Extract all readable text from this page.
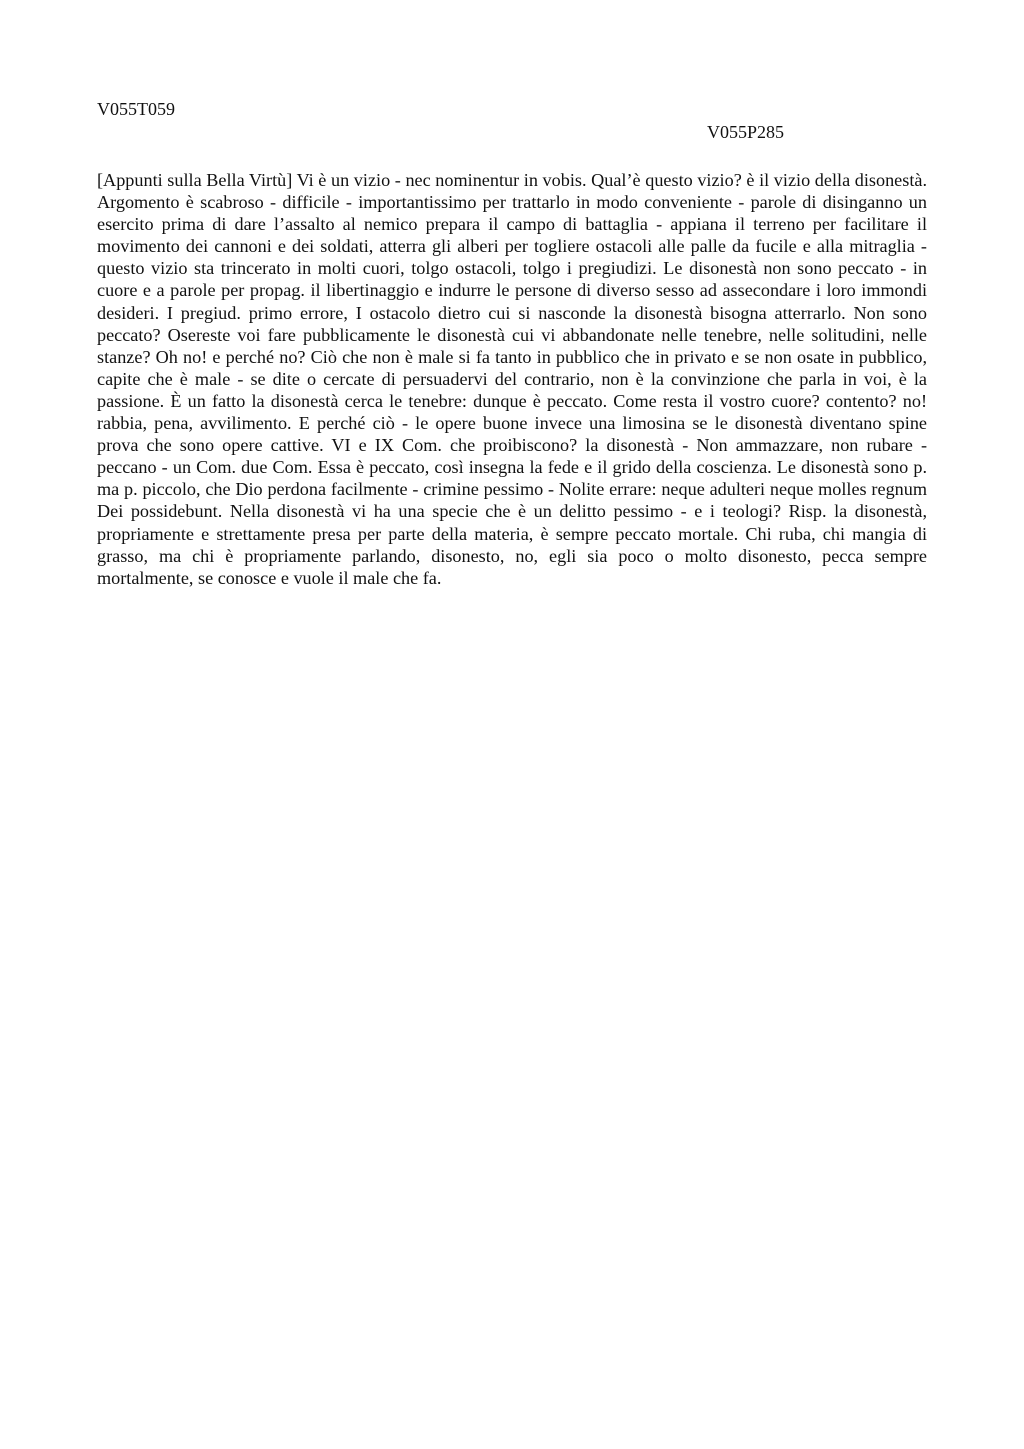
V055T059

V055P285

[Appunti sulla Bella Virtù] Vi è un vizio - nec nominentur in vobis. Qual’è questo vizio? è il vizio della disonestà. Argomento è scabroso - difficile - importantissimo per trattarlo in modo conveniente - parole di disinganno un esercito prima di dare l’assalto al nemico prepara il campo di battaglia - appiana il terreno per facilitare il movimento dei cannoni e dei soldati, atterra gli alberi per togliere ostacoli alle palle da fucile e alla mitraglia - questo vizio sta trincerato in molti cuori, tolgo ostacoli, tolgo i pregiudizi. Le disonestà non sono peccato - in cuore e a parole per propag. il libertinaggio e indurre le persone di diverso sesso ad assecondare i loro immondi desideri. I pregiud. primo errore, I ostacolo dietro cui si nasconde la disonestà bisogna atterrarlo. Non sono peccato? Osereste voi fare pubblicamente le disonestà cui vi abbandonate nelle tenebre, nelle solitudini, nelle stanze? Oh no! e perché no? Ciò che non è male si fa tanto in pubblico che in privato e se non osate in pubblico, capite che è male - se dite o cercate di persuadervi del contrario, non è la convinzione che parla in voi, è la passione. È un fatto la disonestà cerca le tenebre: dunque è peccato. Come resta il vostro cuore? contento? no! rabbia, pena, avvilimento. E perché ciò - le opere buone invece una limosina se le disonestà diventano spine prova che sono opere cattive. VI e IX Com. che proibiscono? la disonestà - Non ammazzare, non rubare - peccano - un Com. due Com. Essa è peccato, così insegna la fede e il grido della coscienza. Le disonestà sono p. ma p. piccolo, che Dio perdona facilmente - crimine pessimo - Nolite errare: neque adulteri neque molles regnum Dei possidebunt. Nella disonestà vi ha una specie che è un delitto pessimo - e i teologi? Risp. la disonestà, propriamente e strettamente presa per parte della materia, è sempre peccato mortale. Chi ruba, chi mangia di grasso, ma chi è propriamente parlando, disonesto, no, egli sia poco o molto disonesto, pecca sempre mortalmente, se conosce e vuole il male che fa.
